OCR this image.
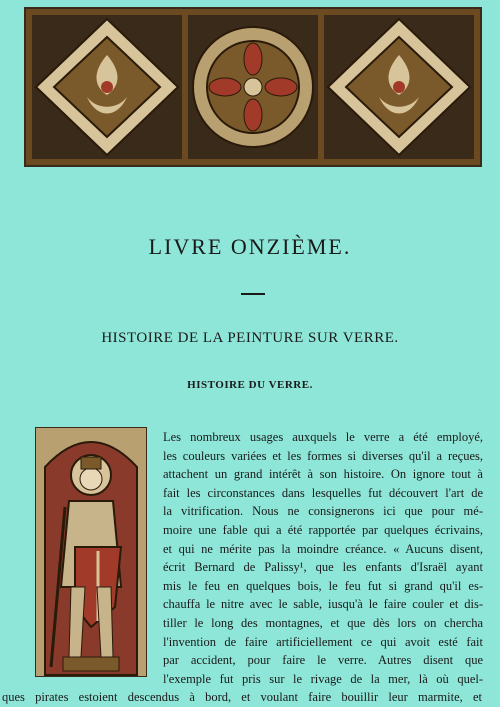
LIVRE ONZIÈME.
HISTOIRE DE LA PEINTURE SUR VERRE.
HISTOIRE DU VERRE.
Les nombreux usages auxquels le verre a été employé,
les couleurs variées et les formes si diverses qu'il a reçues,
attachent un grand intérêt à son histoire. On ignore tout à
fait les circonstances dans lesquelles fut découvert l'art de
la vitrification. Nous ne consignerons ici que pour mé-
moire une fable qui a été rapportée par quelques écrivains,
et qui ne mérite pas la moindre créance. « Aucuns disent,
écrit Bernard de Palissy¹, que les enfants d'Israël ayant
mis le feu en quelques bois, le feu fut si grand qu'il es-
chauffa le nitre avec le sable, iusqu'à le faire couler et dis-
tiller le long des montagnes, et que dès lors on chercha
l'invention de faire artificiellement ce qui avoit esté fait
par accident, pour faire le verre. Autres disent que
l'exemple fut pris sur le rivage de la mer, là où quel-
ques pirates estoient descendus à bord, et voulant faire bouillir leur marmite, et
